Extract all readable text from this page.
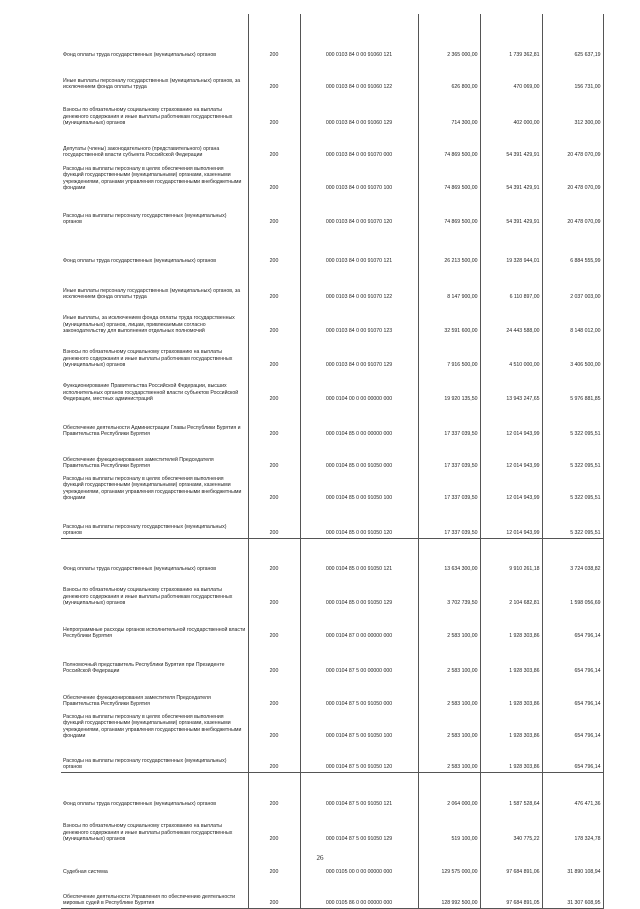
Фонд оплаты труда государственных (муниципальных) органов	200	000 0103 84 0 00 91060 121	2 365 000,00	1 739 362,81	625 637,19
Иные выплаты персоналу государственных (муниципальных) органов, за исключением фонда оплаты труда	200	000 0103 84 0 00 91060 122	626 800,00	470 069,00	156 731,00
Взносы по обязательному социальному страхованию на выплаты денежного содержания и иные выплаты работникам государственных (муниципальных) органов	200	000 0103 84 0 00 91060 129	714 300,00	402 000,00	312 300,00
Депутаты (члены) законодательного (представительного) органа государственной власти субъекта Российской Федерации	200	000 0103 84 0 00 91070 000	74 869 500,00	54 391 429,91	20 478 070,09
Расходы на выплаты персоналу в целях обеспечения выполнения функций государственными (муниципальными) органами, казенными учреждениями, органами управления государственными внебюджетными фондами	200	000 0103 84 0 00 91070 100	74 869 500,00	54 391 429,91	20 478 070,09
Расходы на выплаты персоналу государственных (муниципальных) органов	200	000 0103 84 0 00 91070 120	74 869 500,00	54 391 429,91	20 478 070,09
Фонд оплаты труда государственных (муниципальных) органов	200	000 0103 84 0 00 91070 121	26 213 500,00	19 328 944,01	6 884 555,99
Иные выплаты персоналу государственных (муниципальных) органов, за исключением фонда оплаты труда	200	000 0103 84 0 00 91070 122	8 147 900,00	6 110 897,00	2 037 003,00
Иные выплаты, за исключением фонда оплаты труда государственных (муниципальных) органов, лицам, привлекаемым согласно законодательству для выполнения отдельных полномочий	200	000 0103 84 0 00 91070 123	32 591 600,00	24 443 588,00	8 148 012,00
Взносы по обязательному социальному страхованию на выплаты денежного содержания и иные выплаты работникам государственных (муниципальных) органов	200	000 0103 84 0 00 91070 129	7 916 500,00	4 510 000,00	3 406 500,00
Функционирование Правительства Российской Федерации, высших исполнительных органов государственной власти субъектов Российской Федерации, местных администраций	200	000 0104 00 0 00 00000 000	19 920 135,50	13 943 247,65	5 976 881,85
Обеспечение деятельности Администрации Главы Республики Бурятия и Правительства Республики Бурятия	200	000 0104 85 0 00 00000 000	17 337 039,50	12 014 943,99	5 322 095,51
Обеспечение функционирования заместителей Председателя Правительства Республики Бурятия	200	000 0104 85 0 00 91050 000	17 337 039,50	12 014 943,99	5 322 095,51
Расходы на выплаты персоналу в целях обеспечения выполнения функций государственными (муниципальными) органами, казенными учреждениями, органами управления государственными внебюджетными фондами	200	000 0104 85 0 00 91050 100	17 337 039,50	12 014 943,99	5 322 095,51
Расходы на выплаты персоналу государственных (муниципальных) органов	200	000 0104 85 0 00 91050 120	17 337 039,50	12 014 943,99	5 322 095,51
Фонд оплаты труда государственных (муниципальных) органов	200	000 0104 85 0 00 91050 121	13 634 300,00	9 910 261,18	3 724 038,82
Взносы по обязательному социальному страхованию на выплаты денежного содержания и иные выплаты работникам государственных (муниципальных) органов	200	000 0104 85 0 00 91050 129	3 702 739,50	2 104 682,81	1 598 056,69
Непрограммные расходы органов исполнительной государственной власти Республики Бурятия	200	000 0104 87 0 00 00000 000	2 583 100,00	1 928 303,86	654 796,14
Полномочный представитель Республики Бурятия при Президенте Российской Федерации	200	000 0104 87 5 00 00000 000	2 583 100,00	1 928 303,86	654 796,14
Обеспечение функционирования заместителя Председателя Правительства Республики Бурятия	200	000 0104 87 5 00 91050 000	2 583 100,00	1 928 303,86	654 796,14
Расходы на выплаты персоналу в целях обеспечения выполнения функций государственными (муниципальными) органами, казенными учреждениями, органами управления государственными внебюджетными фондами	200	000 0104 87 5 00 91050 100	2 583 100,00	1 928 303,86	654 796,14
Расходы на выплаты персоналу государственных (муниципальных) органов	200	000 0104 87 5 00 91050 120	2 583 100,00	1 928 303,86	654 796,14
Фонд оплаты труда государственных (муниципальных) органов	200	000 0104 87 5 00 91050 121	2 064 000,00	1 587 528,64	476 471,36
Взносы по обязательному социальному страхованию на выплаты денежного содержания и иные выплаты работникам государственных (муниципальных) органов	200	000 0104 87 5 00 91050 129	519 100,00	340 775,22	178 324,78
Судебная система	200	000 0105 00 0 00 00000 000	129 575 000,00	97 684 891,06	31 890 108,94
Обеспечение деятельности Управления по обеспечению деятельности мировых судей в Республике Бурятия	200	000 0105 86 0 00 00000 000	128 992 500,00	97 684 891,05	31 307 608,95
26
